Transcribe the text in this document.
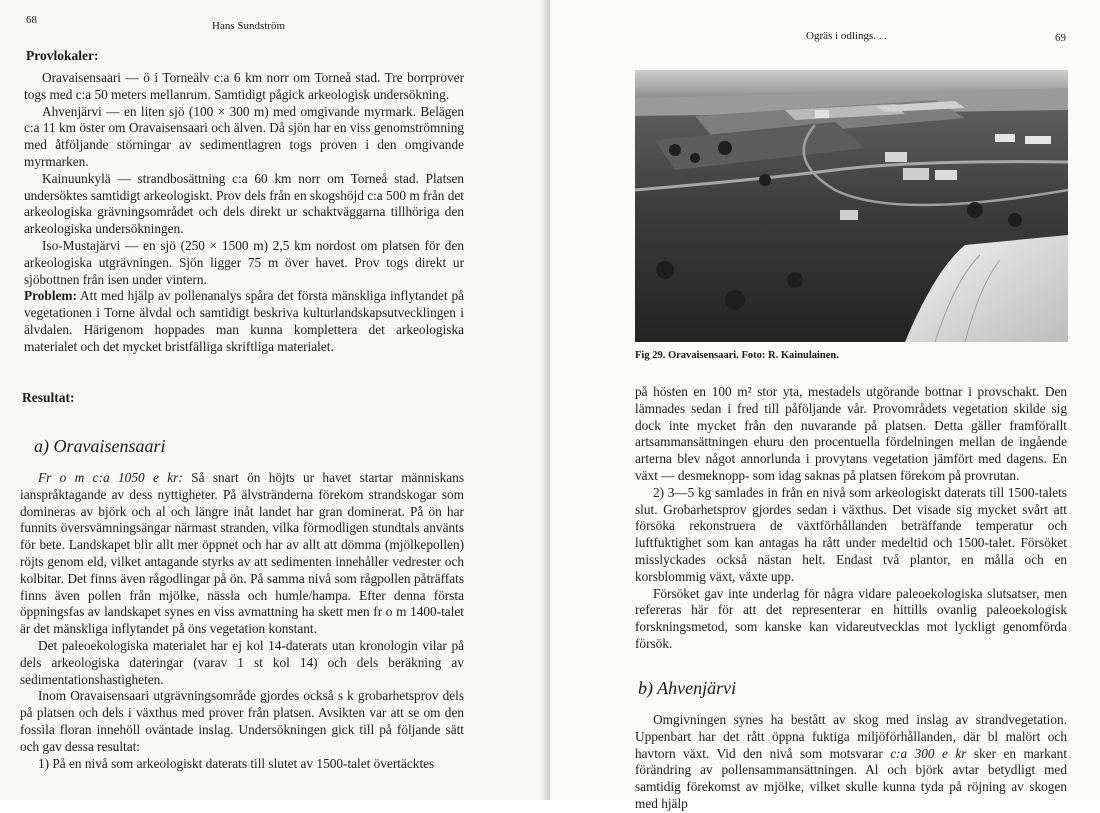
68	Hans Sundström
Provlokaler:

Oravaisensaari — ö i Torneälv c:a 6 km norr om Torneå stad. Tre borrprover togs med c:a 50 meters mellanrum. Samtidigt pågick arkeologisk undersökning.

Ahvenjärvi — en liten sjö (100 × 300 m) med omgivande myrmark. Belägen c:a 11 km öster om Oravaisensaari och älven. Då sjön har en viss genomströmning med åtföljande störningar av sedimentlagren togs proven i den omgivande myrmarken.

Kainuunkylä — strandbosättning c:a 60 km norr om Torneå stad. Platsen undersöktes samtidigt arkeologiskt. Prov dels från en skogshöjd c:a 500 m från det arkeologiska grävningsområdet och dels direkt ur schaktväggarna tillhöriga den arkeologiska undersökningen.

Iso-Mustajärvi — en sjö (250 × 1500 m) 2,5 km nordost om platsen för den arkeologiska utgrävningen. Sjön ligger 75 m över havet. Prov togs direkt ur sjöbottnen från isen under vintern.

Problem: Att med hjälp av pollenanalys spåra det första mänskliga inflytandet på vegetationen i Torne älvdal och samtidigt beskriva kulturlandskapsutvecklingen i älvdalen. Härigenom hoppades man kunna komplettera det arkeologiska materialet och det mycket bristfälliga skriftliga materialet.

Resultat:
a) Oravaisensaari

Fr o m c:a 1050 e kr: Så snart ön höjts ur havet startar människans ianspråktagande av dess nyttigheter. På älvstränderna förekom strandskogar som domineras av björk och al och längre inåt landet har gran dominerat. På ön har funnits översvämningsängar närmast stranden, vilka förmodligen stundtals använts för bete. Landskapet blir allt mer öppnet och har av allt att dömma (mjölkepollen) röjts genom eld, vilket antagande styrks av att sedimenten innehåller vedrester och kolbitar. Det finns även rågodlingar på ön. På samma nivå som rågpollen påträffats finns även pollen från mjölke, nässla och humle/hampa. Efter denna första öppningsfas av landskapet synes en viss avmattning ha skett men fr o m 1400-talet är det mänskliga inflytandet på öns vegetation konstant.

Det paleoekologiska materialet har ej kol 14-daterats utan kronologin vilar på dels arkeologiska dateringar (varav 1 st kol 14) och dels beräkning av sedimentationshastigheten.

Inom Oravaisensaari utgrävningsområde gjordes också s k grobarhetsprov dels på platsen och dels i växthus med prover från platsen. Avsikten var att se om den fossila floran innehöll oväntade inslag. Undersökningen gick till på följande sätt och gav dessa resultat:

1) På en nivå som arkeologiskt daterats till slutet av 1500-talet övertäcktes

Ogräs i odlings. . .	69
Fig 29. Oravaisensaari. Foto: R. Kainulainen.

på hösten en 100 m² stor yta, mestadels utgörande bottnar i provschakt. Den lämnades sedan i fred till påföljande vår. Provområdets vegetation skilde sig dock inte mycket från den nuvarande på platsen. Detta gäller framförallt artsammansättningen ehuru den procentuella fördelningen mellan de ingående arterna blev något annorlunda i provytans vegetation jämfört med dagens. En växt — desmeknopp- som idag saknas på platsen förekom på provrutan.

2) 3—5 kg samlades in från en nivå som arkeologiskt daterats till 1500-talets slut. Grobarhetsprov gjordes sedan i växthus. Det visade sig mycket svårt att försöka rekonstruera de växtförhållanden beträffande temperatur och luftfuktighet som kan antagas ha rått under medeltid och 1500-talet. Försöket misslyckades också nästan helt. Endast två plantor, en målla och en korsblommig växt, växte upp.

Försöket gav inte underlag för några vidare paleoekologiska slutsatser, men refereras här för att det representerar en hittills ovanlig paleoekologisk forskningsmetod, som kanske kan vidareutvecklas mot lyckligt genomförda försök.

b) Ahvenjärvi

Omgivningen synes ha bestått av skog med inslag av strandvegetation. Uppenbart har det rått öppna fuktiga miljöförhållanden, där bl malört och havtorn växt. Vid den nivå som motsvarar c:a 300 e kr sker en markant förändring av pollensammansättningen. Al och björk avtar betydligt med samtidig förekomst av mjölke, vilket skulle kunna tyda på röjning av skogen med hjälp
